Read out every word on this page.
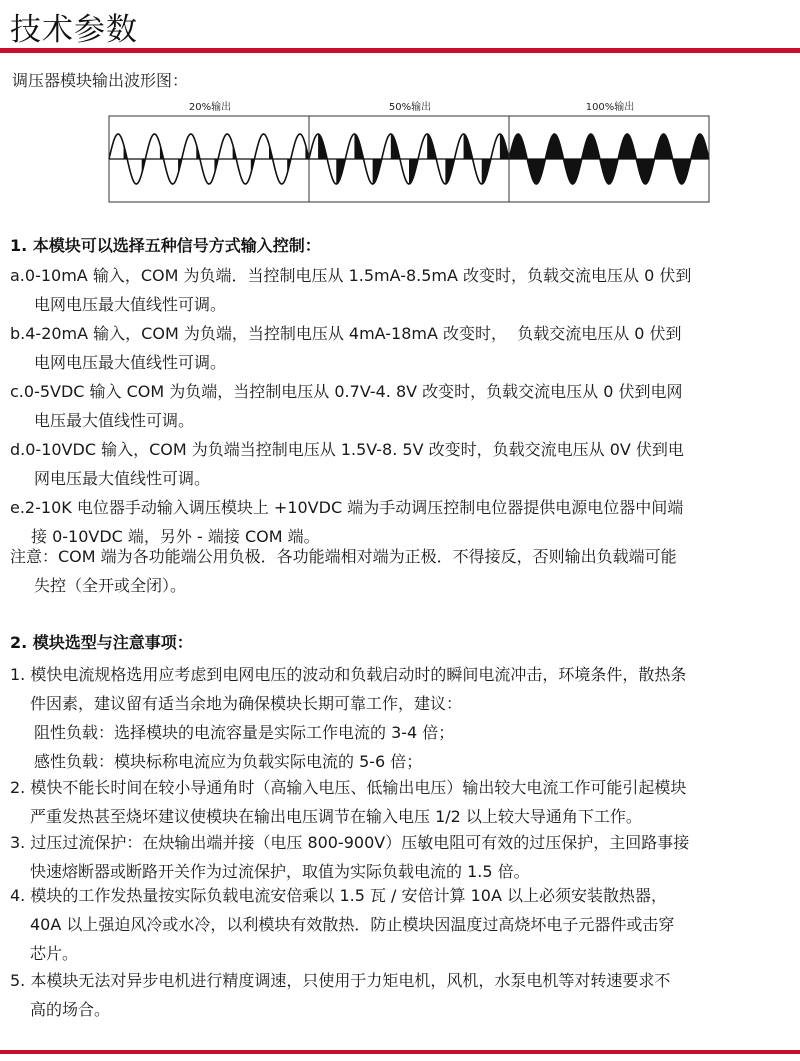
技术参数
调压器模块输出波形图：
20%输出	50%输出	100%输出
1. 本模块可以选择五种信号方式输入控制：
a.0-10mA 输入，COM 为负端．当控制电压从 1.5mA-8.5mA 改变时，负载交流电压从 0 伏到
电网电压最大值线性可调。
b.4-20mA 输入，COM 为负端，当控制电压从 4mA-18mA 改变时，  负载交流电压从 0 伏到
电网电压最大值线性可调。
c.0-5VDC 输入 COM 为负端，当控制电压从 0.7V-4. 8V 改变时，负载交流电压从 0 伏到电网
电压最大值线性可调。
d.0-10VDC 输入，COM 为负端当控制电压从 1.5V-8. 5V 改变时，负载交流电压从 0V 伏到电
网电压最大值线性可调。
e.2-10K 电位器手动输入调压模块上 +10VDC 端为手动调压控制电位器提供电源电位器中间端
接 0-10VDC 端，另外 - 端接 COM 端。
注意：COM 端为各功能端公用负极．各功能端相对端为正极．不得接反，否则输出负载端可能
失控（全开或全闭）。
2. 模块选型与注意事项：
1. 模快电流规格选用应考虑到电网电压的波动和负载启动时的瞬间电流冲击，环境条件，散热条
件因素，建议留有适当余地为确保模块长期可靠工作，建议：
阻性负载：选择模块的电流容量是实际工作电流的 3-4 倍；
感性负载：模块标称电流应为负载实际电流的 5-6 倍；
2. 模快不能长时间在较小导通角时（高输入电压、低输出电压）输出较大电流工作可能引起模块
严重发热甚至烧坏建议使模块在输出电压调节在输入电压 1/2 以上较大导通角下工作。
3. 过压过流保护：在炔输出端并接（电压 800-900V）压敏电阻可有效的过压保护，主回路事接
快速熔断器或断路开关作为过流保护，取值为实际负载电流的 1.5 倍。
4. 模块的工作发热量按实际负载电流安倍乘以 1.5 瓦 / 安倍计算 10A 以上必须安装散热器，
40A 以上强迫风冷或水冷，以利模块有效散热．防止模块因温度过高烧坏电子元器件或击穿
芯片。
5. 本模块无法对异步电机进行精度调速，只使用于力矩电机，风机，水泵电机等对转速要求不
高的场合。
